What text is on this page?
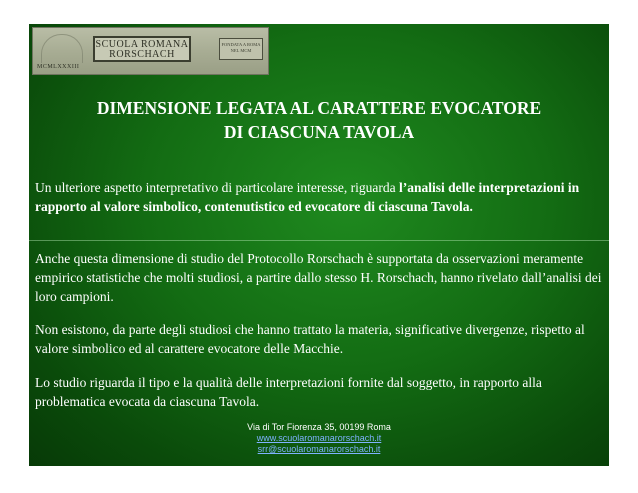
SCUOLA ROMANA
RORSCHACH
FONDATA A ROMA
NEL MCM
MCMLXXXIII
DIMENSIONE LEGATA AL CARATTERE EVOCATORE
DI CIASCUNA TAVOLA

Un ulteriore aspetto interpretativo di particolare interesse, riguarda l’analisi delle interpretazioni in rapporto al valore simbolico, contenutistico ed evocatore di ciascuna Tavola.

Anche questa dimensione di studio del Protocollo Rorschach è supportata da osservazioni meramente empirico statistiche che molti studiosi, a partire dallo stesso H. Rorschach, hanno rivelato dall’analisi dei loro campioni.

Non esistono, da parte degli studiosi che hanno trattato la materia, significative divergenze, rispetto al valore simbolico ed al carattere evocatore delle Macchie.

Lo studio riguarda il tipo e la qualità delle interpretazioni fornite dal soggetto, in rapporto alla problematica evocata da ciascuna Tavola.

Via di Tor Fiorenza 35, 00199 Roma
www.scuolaromanarorschach.it
srr@scuolaromanarorschach.it
